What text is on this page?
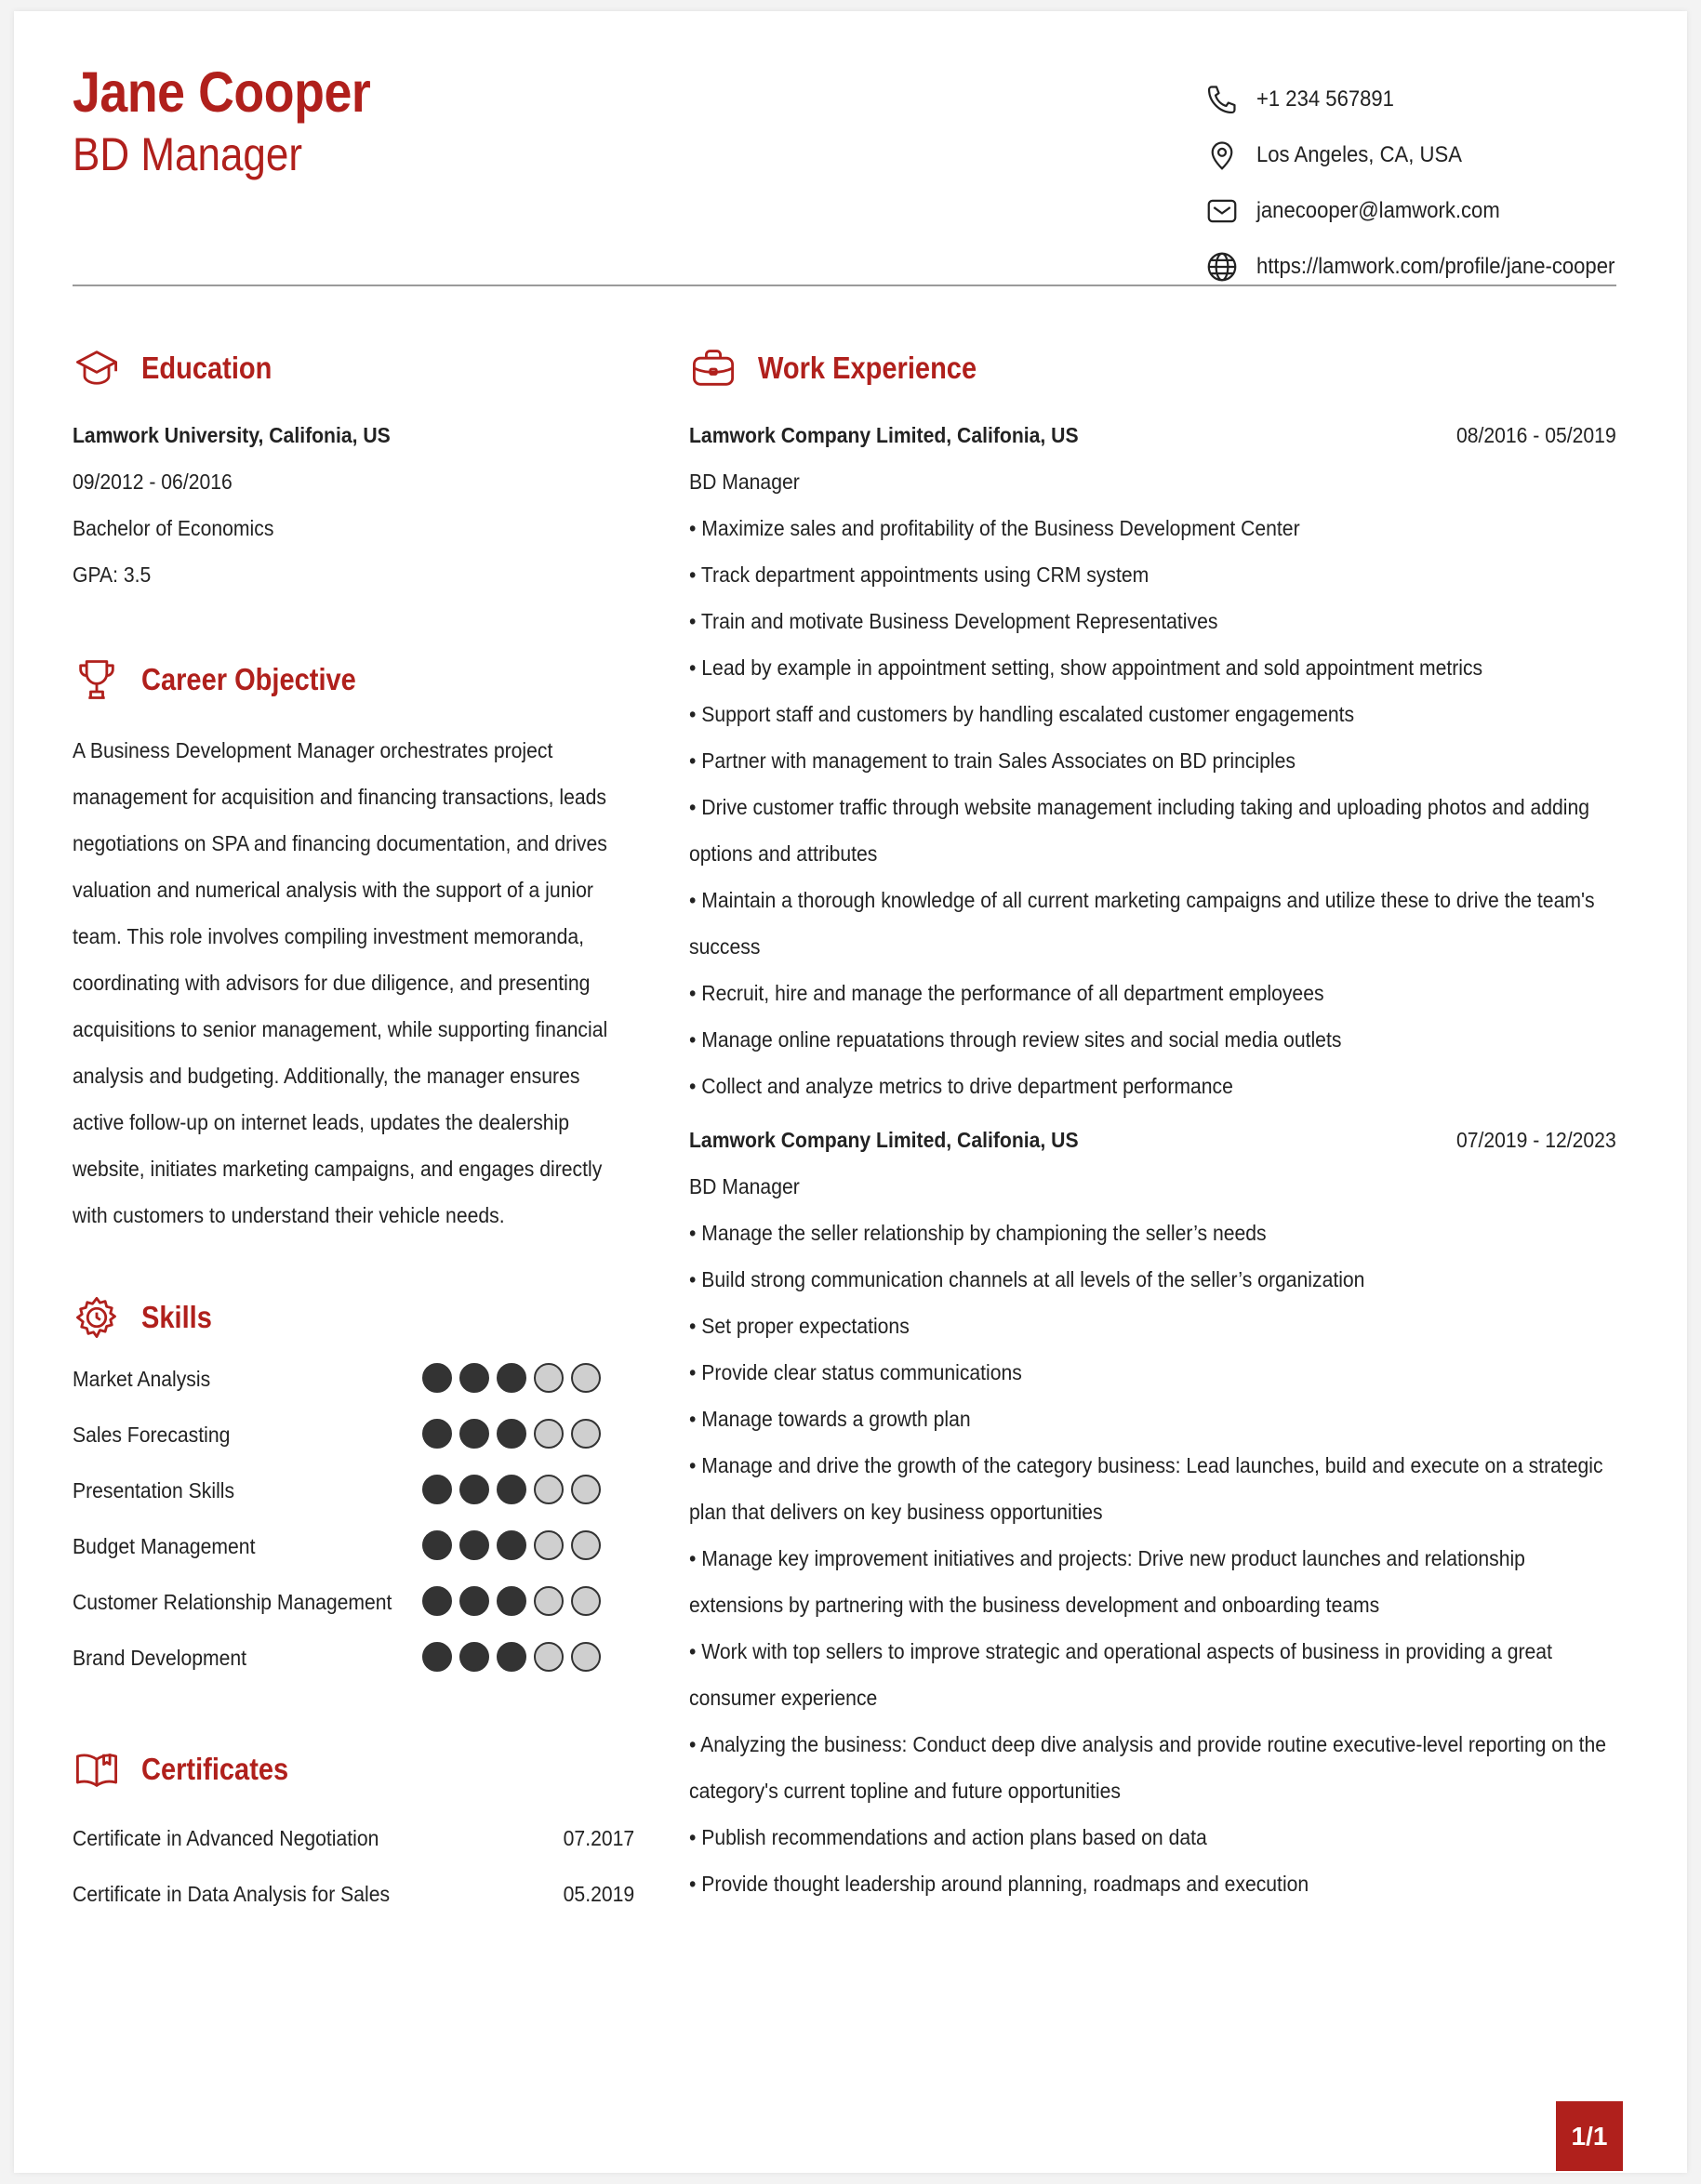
Jane Cooper
BD Manager
+1 234 567891
Los Angeles, CA, USA
janecooper@lamwork.com
https://lamwork.com/profile/jane-cooper
Education
Lamwork University, Califonia, US
09/2012 - 06/2016
Bachelor of Economics
GPA: 3.5
Career Objective
A Business Development Manager orchestrates project
management for acquisition and financing transactions, leads
negotiations on SPA and financing documentation, and drives
valuation and numerical analysis with the support of a junior
team. This role involves compiling investment memoranda,
coordinating with advisors for due diligence, and presenting
acquisitions to senior management, while supporting financial
analysis and budgeting. Additionally, the manager ensures
active follow-up on internet leads, updates the dealership
website, initiates marketing campaigns, and engages directly
with customers to understand their vehicle needs.
Skills
Market Analysis
Sales Forecasting
Presentation Skills
Budget Management
Customer Relationship Management
Brand Development
Certificates
Certificate in Advanced Negotiation	07.2017
Certificate in Data Analysis for Sales	05.2019
Work Experience
Lamwork Company Limited, Califonia, US	08/2016 - 05/2019
BD Manager
• Maximize sales and profitability of the Business Development Center
• Track department appointments using CRM system
• Train and motivate Business Development Representatives
• Lead by example in appointment setting, show appointment and sold appointment metrics
• Support staff and customers by handling escalated customer engagements
• Partner with management to train Sales Associates on BD principles
• Drive customer traffic through website management including taking and uploading photos and adding
options and attributes
• Maintain a thorough knowledge of all current marketing campaigns and utilize these to drive the team's
success
• Recruit, hire and manage the performance of all department employees
• Manage online repuatations through review sites and social media outlets
• Collect and analyze metrics to drive department performance
Lamwork Company Limited, Califonia, US	07/2019 - 12/2023
BD Manager
• Manage the seller relationship by championing the seller’s needs
• Build strong communication channels at all levels of the seller’s organization
• Set proper expectations
• Provide clear status communications
• Manage towards a growth plan
• Manage and drive the growth of the category business: Lead launches, build and execute on a strategic
plan that delivers on key business opportunities
• Manage key improvement initiatives and projects: Drive new product launches and relationship
extensions by partnering with the business development and onboarding teams
• Work with top sellers to improve strategic and operational aspects of business in providing a great
consumer experience
• Analyzing the business: Conduct deep dive analysis and provide routine executive-level reporting on the
category's current topline and future opportunities
• Publish recommendations and action plans based on data
• Provide thought leadership around planning, roadmaps and execution
1/1
